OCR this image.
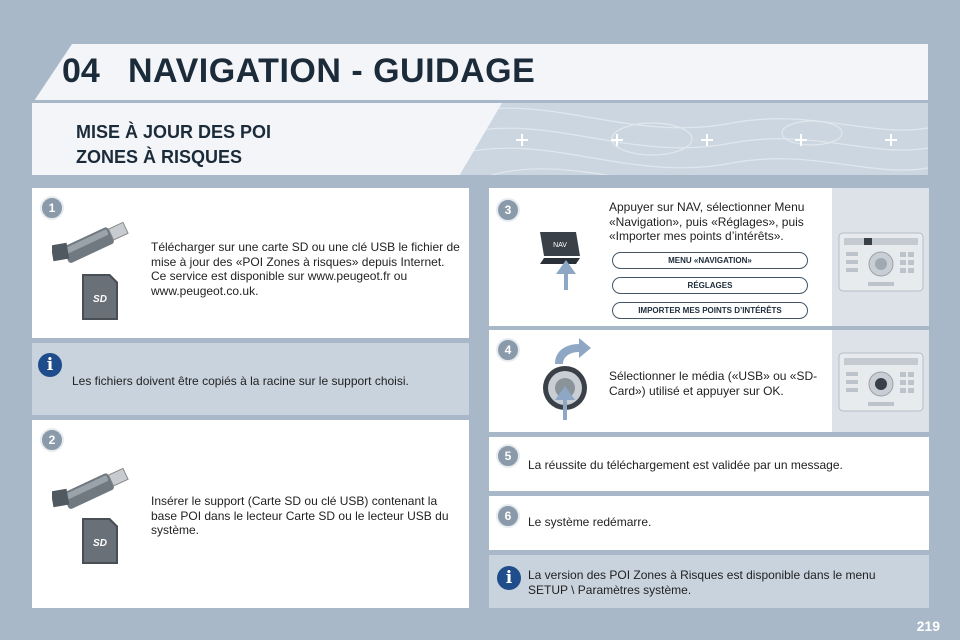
04 NAVIGATION - GUIDAGE
MISE À JOUR DES POI
ZONES À RISQUES
1
SD
Télécharger sur une carte SD ou une clé USB le fichier de mise à jour des «POI Zones à risques» depuis Internet. Ce service est disponible sur www.peugeot.fr ou www.peugeot.co.uk.
i
Les fichiers doivent être copiés à la racine sur le support choisi.
2
SD
Insérer le support (Carte SD ou clé USB) contenant la base POI dans le lecteur Carte SD ou le lecteur USB du système.
3
NAV
Appuyer sur NAV, sélectionner Menu «Navigation», puis «Réglages», puis «Importer mes points d’intérêts».
MENU «NAVIGATION»
RÉGLAGES
IMPORTER MES POINTS D’INTÉRÊTS
4
Sélectionner le média («USB» ou «SD-Card») utilisé et appuyer sur OK.
5
La réussite du téléchargement est validée par un message.
6	Le système redémarre.
i	La version des POI Zones à Risques est disponible dans le menu SETUP \ Paramètres système.
219
